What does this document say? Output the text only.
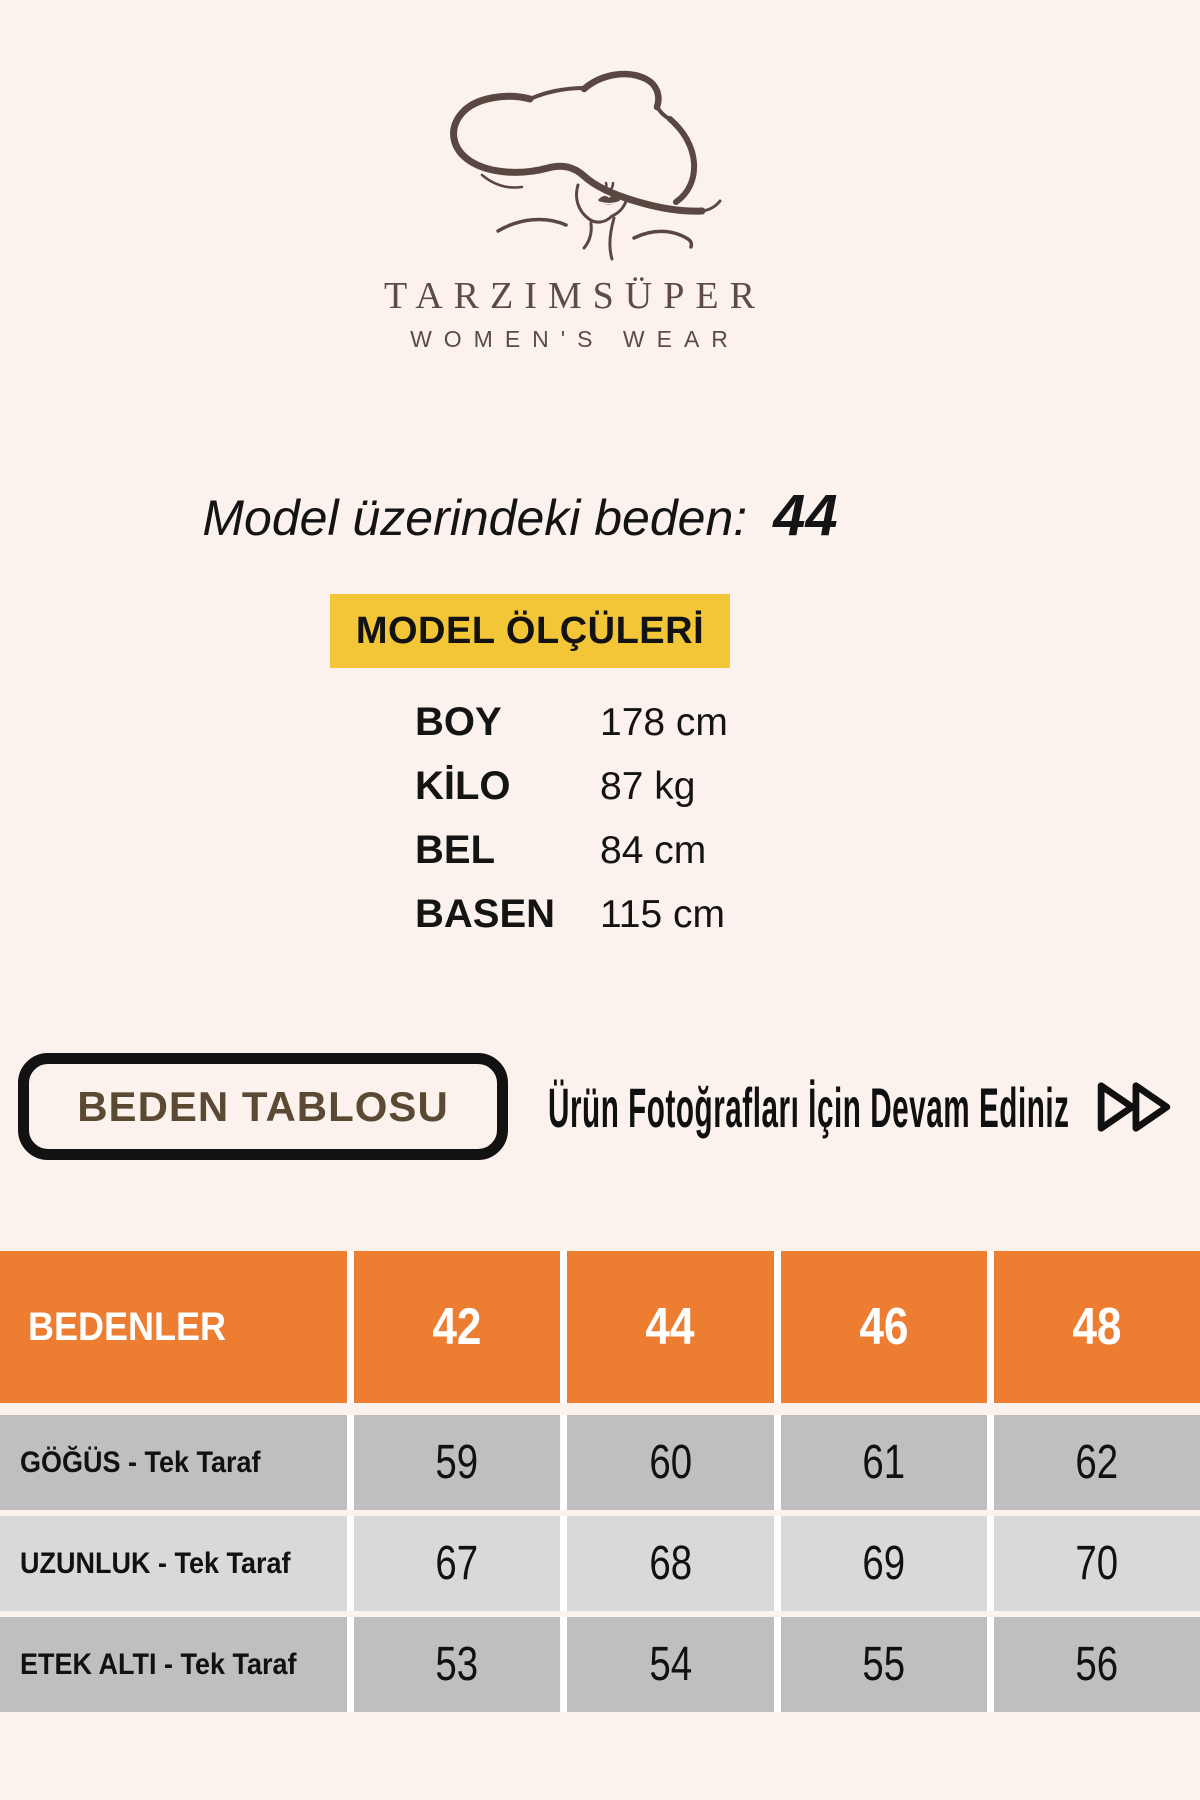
TARZIMSÜPER
WOMEN'S WEAR
Model üzerindeki beden: 44
MODEL ÖLÇÜLERİ
BOY	178 cm
KİLO	87 kg
BEL	84 cm
BASEN	115 cm
BEDEN TABLOSU Ürün Fotoğrafları İçin Devam Ediniz
BEDENLER	42	44	46	48
GÖĞÜS - Tek Taraf	59	60	61	62
UZUNLUK - Tek Taraf	67	68	69	70
ETEK ALTI - Tek Taraf	53	54	55	56
